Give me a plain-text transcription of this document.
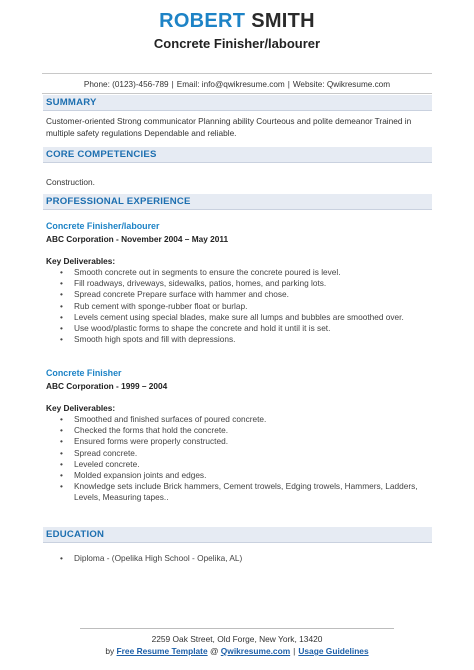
ROBERT SMITH
Concrete Finisher/labourer
Phone: (0123)-456-789 | Email: info@qwikresume.com | Website: Qwikresume.com
SUMMARY
Customer-oriented Strong communicator Planning ability Courteous and polite demeanor Trained in multiple safety regulations Dependable and reliable.
CORE COMPETENCIES
Construction.
PROFESSIONAL EXPERIENCE
Concrete Finisher/labourer
ABC Corporation - November 2004 – May 2011
Key Deliverables:
• Smooth concrete out in segments to ensure the concrete poured is level.
• Fill roadways, driveways, sidewalks, patios, homes, and parking lots.
• Spread concrete Prepare surface with hammer and chose.
• Rub cement with sponge-rubber float or burlap.
• Levels cement using special blades, make sure all lumps and bubbles are smoothed over.
• Use wood/plastic forms to shape the concrete and hold it until it is set.
• Smooth high spots and fill with depressions.
Concrete Finisher
ABC Corporation - 1999 – 2004
Key Deliverables:
• Smoothed and finished surfaces of poured concrete.
• Checked the forms that hold the concrete.
• Ensured forms were properly constructed.
• Spread concrete.
• Leveled concrete.
• Molded expansion joints and edges.
• Knowledge sets include Brick hammers, Cement trowels, Edging trowels, Hammers, Ladders, Levels, Measuring tapes..
EDUCATION
• Diploma - (Opelika High School - Opelika, AL)
2259 Oak Street, Old Forge, New York, 13420
by Free Resume Template @ Qwikresume.com | Usage Guidelines
